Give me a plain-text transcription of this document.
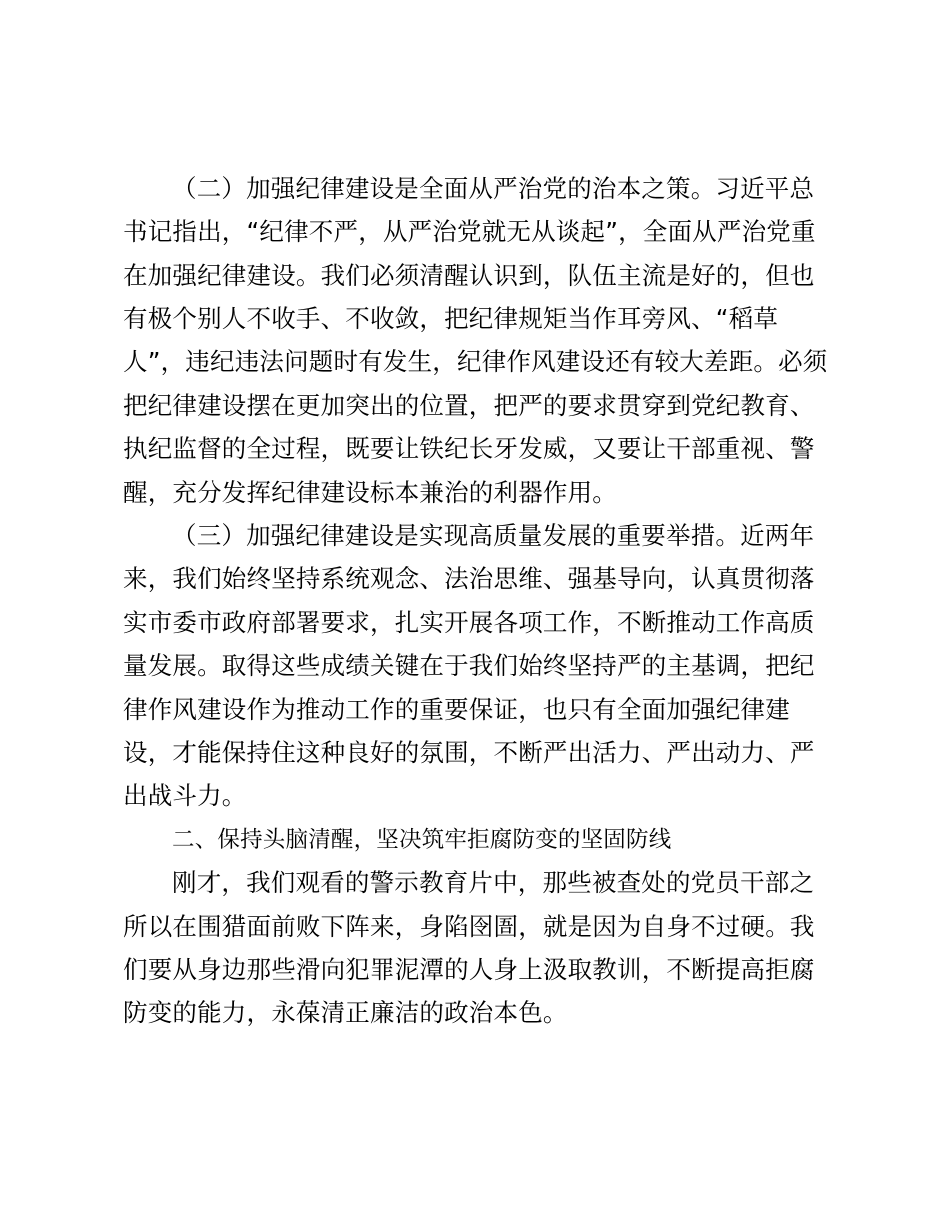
（二）加强纪律建设是全面从严治党的治本之策。习近平总
书记指出，“纪律不严，从严治党就无从谈起”，全面从严治党重
在加强纪律建设。我们必须清醒认识到，队伍主流是好的，但也
有极个别人不收手、不收敛，把纪律规矩当作耳旁风、“稻草
人”，违纪违法问题时有发生，纪律作风建设还有较大差距。必须
把纪律建设摆在更加突出的位置，把严的要求贯穿到党纪教育、
执纪监督的全过程，既要让铁纪长牙发威，又要让干部重视、警
醒，充分发挥纪律建设标本兼治的利器作用。
（三）加强纪律建设是实现高质量发展的重要举措。近两年
来，我们始终坚持系统观念、法治思维、强基导向，认真贯彻落
实市委市政府部署要求，扎实开展各项工作，不断推动工作高质
量发展。取得这些成绩关键在于我们始终坚持严的主基调，把纪
律作风建设作为推动工作的重要保证，也只有全面加强纪律建
设，才能保持住这种良好的氛围，不断严出活力、严出动力、严
出战斗力。
二、保持头脑清醒，坚决筑牢拒腐防变的坚固防线
刚才，我们观看的警示教育片中，那些被查处的党员干部之
所以在围猎面前败下阵来，身陷囹圄，就是因为自身不过硬。我
们要从身边那些滑向犯罪泥潭的人身上汲取教训，不断提高拒腐
防变的能力，永葆清正廉洁的政治本色。
